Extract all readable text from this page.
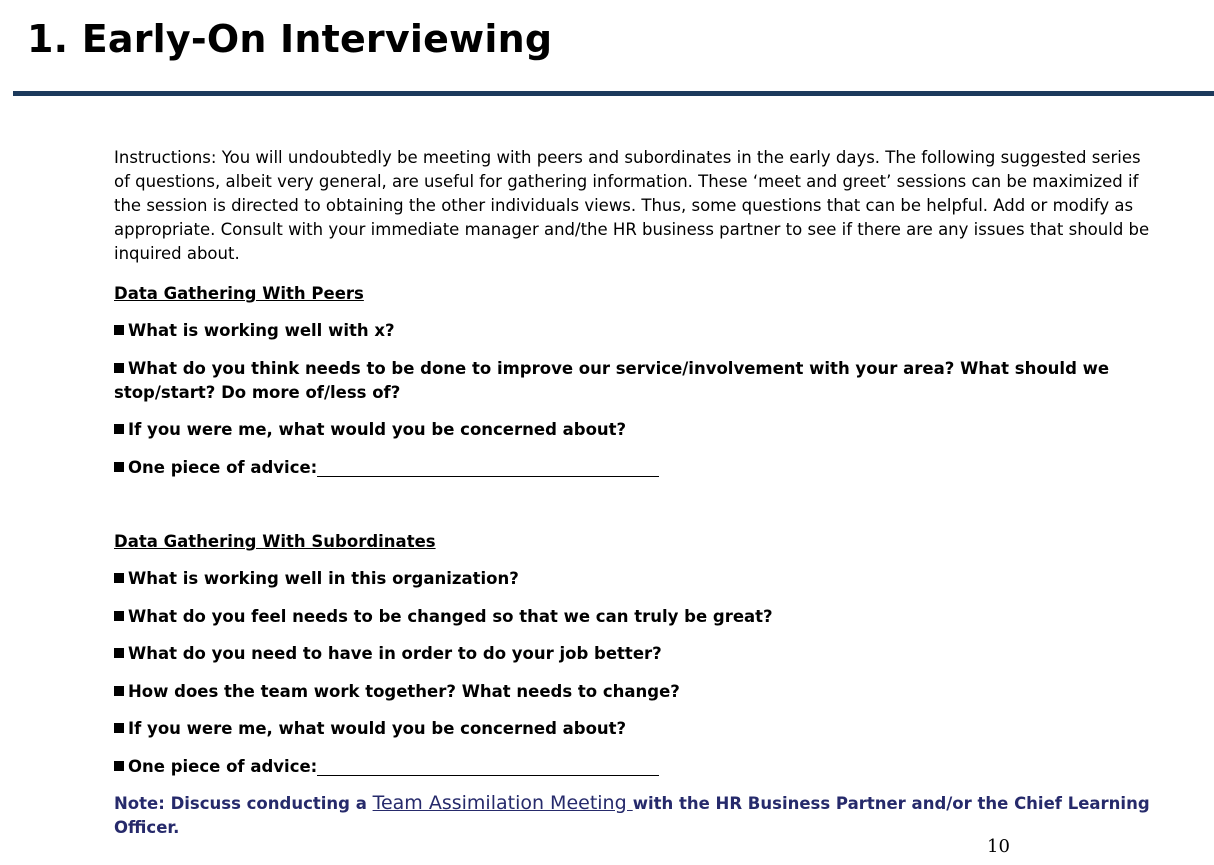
1. Early-On Interviewing

Instructions: You will undoubtedly be meeting with peers and subordinates in the early days. The following suggested series of questions, albeit very general, are useful for gathering information. These ‘meet and greet’ sessions can be maximized if the session is directed to obtaining the other individuals views. Thus, some questions that can be helpful. Add or modify as appropriate. Consult with your immediate manager and/the HR business partner to see if there are any issues that should be inquired about.

Data Gathering With Peers
What is working well with x?
What do you think needs to be done to improve our service/involvement with your area? What should we stop/start? Do more of/less of?
If you were me, what would you be concerned about?
One piece of advice:
Data Gathering With Subordinates
What is working well in this organization?
What do you feel needs to be changed so that we can truly be great?
What do you need to have in order to do your job better?
How does the team work together? What needs to change?
If you were me, what would you be concerned about?
One piece of advice:

Note: Discuss conducting a Team Assimilation Meeting with the HR Business Partner and/or the Chief Learning Officer.

10
